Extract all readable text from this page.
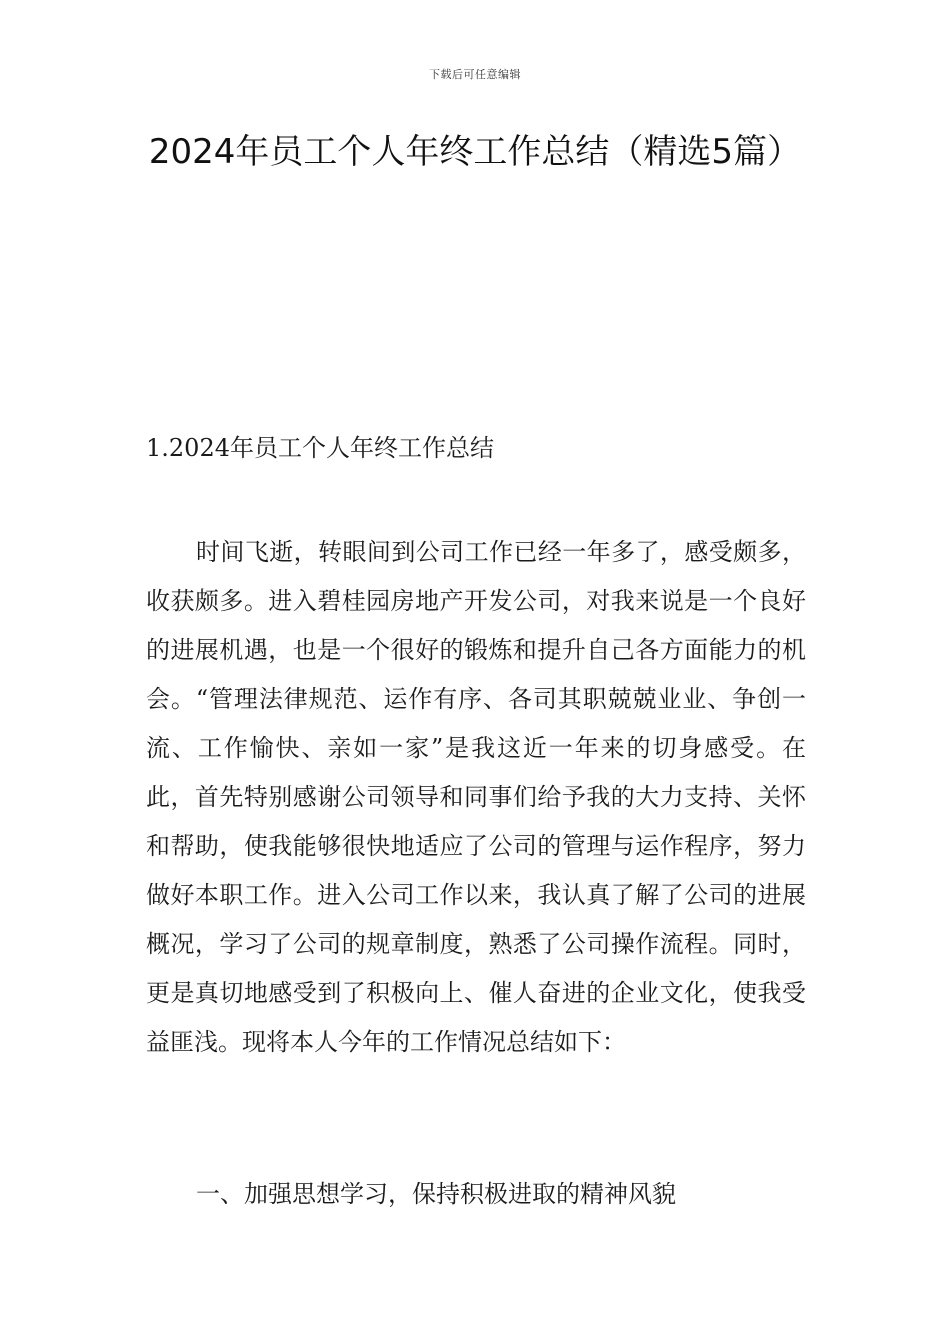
下载后可任意编辑
2024年员工个人年终工作总结（精选5篇）
1.2024年员工个人年终工作总结

时间飞逝，转眼间到公司工作已经一年多了，感受颇多，收获颇多。进入碧桂园房地产开发公司，对我来说是一个良好的进展机遇，也是一个很好的锻炼和提升自己各方面能力的机会。“管理法律规范、运作有序、各司其职兢兢业业、争创一流、工作愉快、亲如一家”是我这近一年来的切身感受。在此，首先特别感谢公司领导和同事们给予我的大力支持、关怀和帮助，使我能够很快地适应了公司的管理与运作程序，努力做好本职工作。进入公司工作以来，我认真了解了公司的进展概况，学习了公司的规章制度，熟悉了公司操作流程。同时，更是真切地感受到了积极向上、催人奋进的企业文化，使我受益匪浅。现将本人今年的工作情况总结如下：

一、加强思想学习，保持积极进取的精神风貌
